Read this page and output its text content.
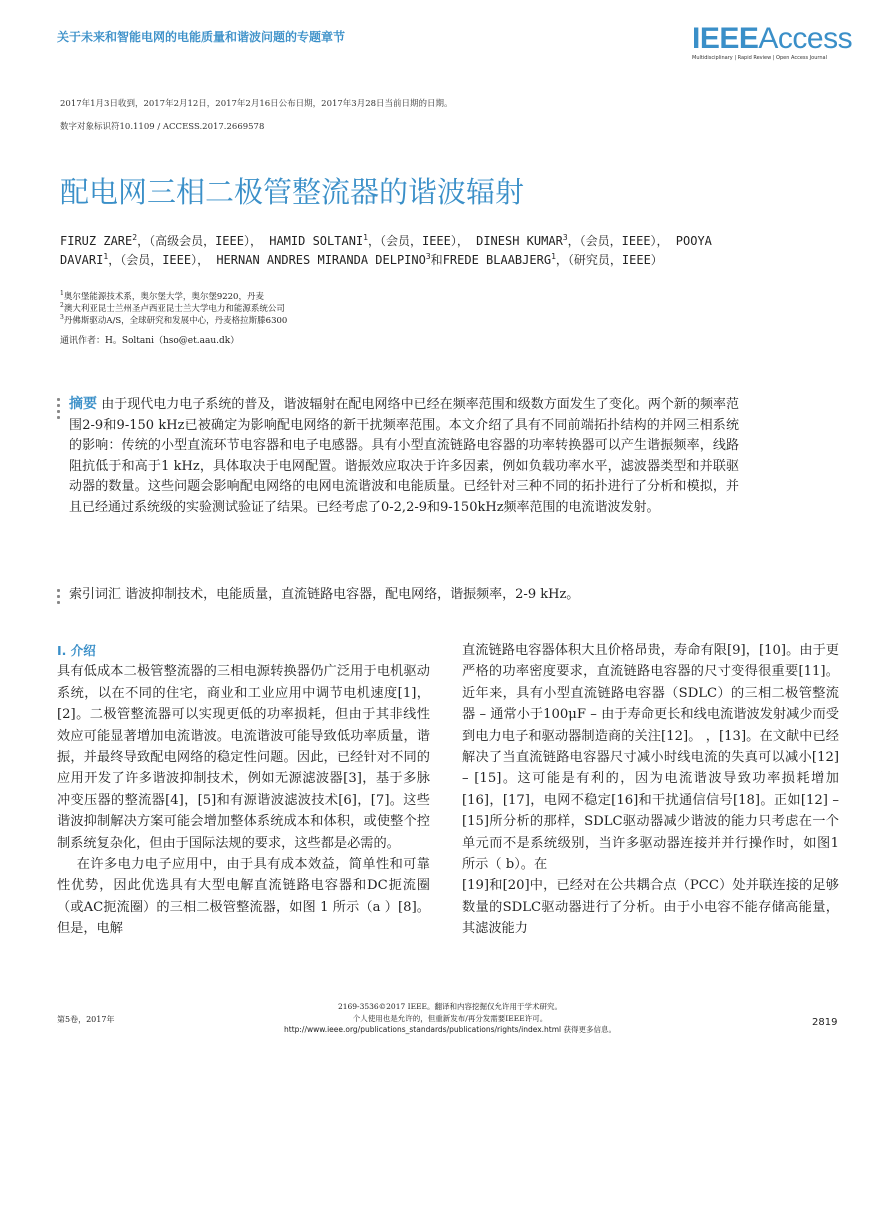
关于未来和智能电网的电能质量和谐波问题的专题章节	IEEEAccess
Multidisciplinary | Rapid Review | Open Access Journal
2017年1月3日收到，2017年2月12日，2017年2月16日公布日期，2017年3月28日当前日期的日期。
数字对象标识符10.1109 / ACCESS.2017.2669578
配电网三相二极管整流器的谐波辐射
FIRUZ ZARE$^2$，（高级会员，IEEE）， HAMID SOLTANI$^1$，（会员，IEEE）， DINESH KUMAR$^3$，（会员，IEEE）， POOYA DAVARI$^1$，（会员，IEEE）， HERNAN ANDRES MIRANDA DELPINO$^3$和FREDE BLAABJERG$^1$，（研究员，IEEE）
$^1$奥尔堡能源技术系，奥尔堡大学，奥尔堡9220，丹麦
$^2$澳大利亚昆士兰州圣卢西亚昆士兰大学电力和能源系统公司
$^3$丹佛斯驱动A/S，全球研究和发展中心，丹麦格拉斯滕6300
通讯作者：H。Soltani（hso@et.aau.dk）
摘要 由于现代电力电子系统的普及，谐波辐射在配电网络中已经在频率范围和级数方面发生了变化。两个新的频率范围2-9和9-150 kHz已被确定为影响配电网络的新干扰频率范围。本文介绍了具有不同前端拓扑结构的并网三相系统的影响：传统的小型直流环节电容器和电子电感器。具有小型直流链路电容器的功率转换器可以产生谐振频率，线路阻抗低于和高于1 kHz，具体取决于电网配置。谐振效应取决于许多因素，例如负载功率水平，滤波器类型和并联驱动器的数量。这些问题会影响配电网络的电网电流谐波和电能质量。已经针对三种不同的拓扑进行了分析和模拟，并且已经通过系统级的实验测试验证了结果。已经考虑了0-2,2-9和9-150kHz频率范围的电流谐波发射。
索引词汇 谐波抑制技术，电能质量，直流链路电容器，配电网络，谐振频率，2-9 kHz。
I. 介绍

具有低成本二极管整流器的三相电源转换器仍广泛用于电机驱动系统，以在不同的住宅，商业和工业应用中调节电机速度[1]，[2]。二极管整流器可以实现更低的功率损耗，但由于其非线性效应可能显著增加电流谐波。电流谐波可能导致低功率质量，谐振，并最终导致配电网络的稳定性问题。因此，已经针对不同的应用开发了许多谐波抑制技术，例如无源滤波器[3]，基于多脉冲变压器的整流器[4]，[5]和有源谐波滤波技术[6]，[7]。这些谐波抑制解决方案可能会增加整体系统成本和体积，或使整个控制系统复杂化，但由于国际法规的要求，这些都是必需的。

在许多电力电子应用中，由于具有成本效益，简单性和可靠性优势，因此优选具有大型电解直流链路电容器和DC扼流圈（或AC扼流圈）的三相二极管整流器，如图 1 所示（a ）[8]。但是，电解

直流链路电容器体积大且价格昂贵，寿命有限[9]，[10]。由于更严格的功率密度要求，直流链路电容器的尺寸变得很重要[11]。近年来，具有小型直流链路电容器（SDLC）的三相二极管整流器 – 通常小于100μF – 由于寿命更长和线电流谐波发射减少而受到电力电子和驱动器制造商的关注[12]。 ，[13]。在文献中已经解决了当直流链路电容器尺寸减小时线电流的失真可以减小[12] – [15]。这可能是有利的，因为电流谐波导致功率损耗增加[16]，[17]，电网不稳定[16]和干扰通信信号[18]。正如[12] – [15]所分析的那样，SDLC驱动器减少谐波的能力只考虑在一个单元而不是系统级别，当许多驱动器连接并并行操作时，如图1所示（ b）。在

[19]和[20]中，已经对在公共耦合点（PCC）处并联连接的足够数量的SDLC驱动器进行了分析。由于小电容不能存储高能量，其滤波能力

第5卷，2017年
2169-3536©2017 IEEE。翻译和内容挖掘仅允许用于学术研究。
个人使用也是允许的，但重新发布/再分发需要IEEE许可。
http://www.ieee.org/publications_standards/publications/rights/index.html 获得更多信息。
2819
